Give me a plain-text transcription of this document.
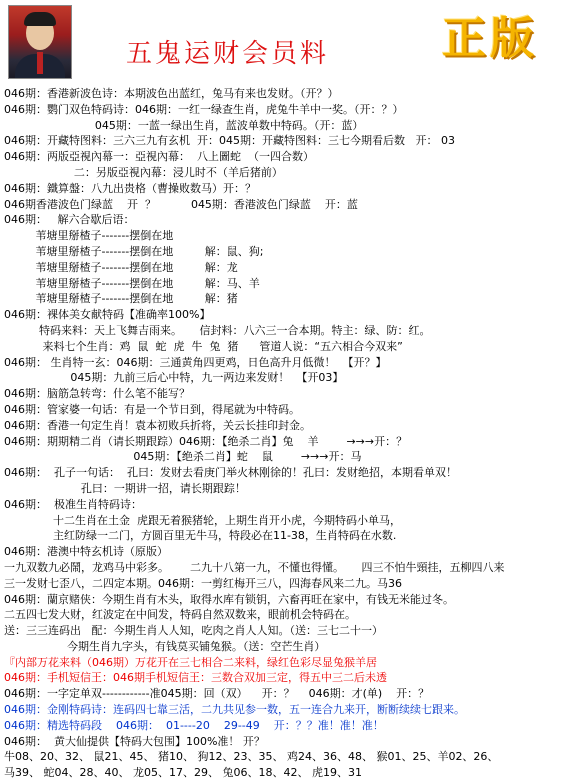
五鬼运财会员料	正版
046期：香港新波色诗：本期波色出蓝红，兔马有来也发财。（开？）
046期：鹦门双色特码诗：046期：一红一绿查生肖，虎兔牛羊中一奖。（开：？）
045期：一蓝一绿出生肖，蓝波单数中特码。（开：蓝）
046期：开藏特图料：三六三九有玄机  开：045期：开藏特图料：三七今期看后数   开： 03
046期：两版亞視內幕一：亞視內幕：  八上圖蛇  （一四合数）
二：另版亞視內幕：浸儿时不（羊后猪前）
046期：鐵算盤：八九出贵格（曹操败数马）开：？
046期香港波色门绿蓝    开  ？          045期：香港波色门绿蓝    开：蓝
046期：   解六合歇后语：
苇塘里掰楂子-------摆倒在地
苇塘里掰楂子-------摆倒在地         解：鼠、狗;
苇塘里掰楂子-------摆倒在地         解：龙
苇塘里掰楂子-------摆倒在地         解：马、羊
苇塘里掰楂子-------摆倒在地         解：猪
046期：裸体美女献特码【准确率100%】
特码来料：天上飞舞吉雨来。     信封料：八六三一合本期。特主：绿、防：红。
来料七个生肖：鸡  鼠  蛇  虎  牛  兔  猪      管道人说：“五六相合今双来”
046期： 生肖特一玄：046期：三通黄角四更鸡，日色高升月低微！  【开？】
045期：九前三后心中特，九一两边来发财！  【开03】
046期：脑筋急转弯：什么笔不能写？
046期：管家婆一句话：有是一个节日到，得尾就为中特码。
046期：香港一句定生肖！袁本初败兵折将，关云长挂印封金。
046期：期期精二肖（请长期跟踪）046期：【绝杀二肖】兔    羊        →→→开：？
045期：【绝杀二肖】蛇    鼠        →→→开：马
046期：  孔子一句话：  孔曰：发财去看庚门举火林刚徐的！孔曰：发财绝招，本期看单双！
孔曰：一期讲一招，请长期跟踪！
046期：  极准生肖特码诗：
十二生肖在土金  虎跟无着猴猪轮，上期生肖开小虎，今期特码小单马，
主红防绿一二门，方圆百里无牛马，特段必在11-38，生肖特码在水数.
046期：港澳中特玄机诗（原版）
一九双数九必鬧，龙鸡马中彩多。      二九十八第一九，不懂也得懂。     四三不怕牛頸挂，五柳四八来
三一发财七歪八，二四定本期。046期：一剪红梅开三八，四海春风来二九。马36
046期：蘭京赌侠：今期生肖有木头，取得水库有锁钥，六畜再旺在家中，有钱无米能过冬。
二五四七发大财，红波定在中间发，特码自然双数来，眼前机会特码在。
送：三三连码出   配：今期生肖人人知，吃肉之肖人人知。（送：三七二十一）
今期生肖九字头，有钱莫买铺兔猴。（送：空芒生肖）
『内部万花来料（046期）万花开在三七相合二来料，绿红色彩尽显兔猴羊居
046期：手机短信王：046期手机短信王：三数合双加三定，得五中三二后未透
046期：一字定单双------------准045期：回（双）    开：？    046期：才(单)    开：？
046期：金刚特码诗：连码四七靠三活，二九共见参一数，五一连合九来开，断断续续七跟来。
046期：精选特码段    046期：  01----20    29--49    开：？？准！准！准！
046期：  黄大仙提供【特码大包围】100%准！ 开？
牛08、20、32、 鼠21、45、 猪10、 狗12、23、35、 鸡24、36、48、 猴01、25、羊02、26、
马39、 蛇04、28、40、 龙05、17、29、 兔06、18、42、 虎19、31
